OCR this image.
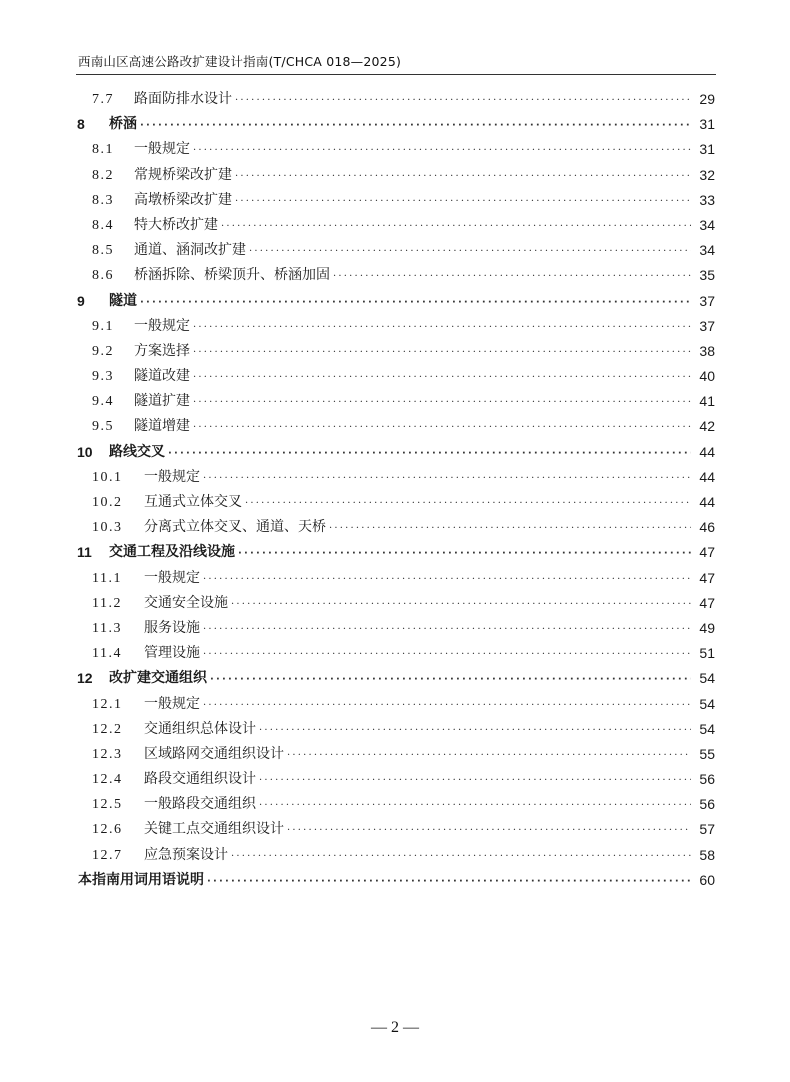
西南山区高速公路改扩建设计指南(T/CHCA 018—2025)
7.7	路面防排水设计 ·····	29
8	桥涵 ·····	31
8.1	一般规定 ·····	31
8.2	常规桥梁改扩建 ·····	32
8.3	高墩桥梁改扩建 ·····	33
8.4	特大桥改扩建 ·····	34
8.5	通道、涵洞改扩建 ·····	34
8.6	桥涵拆除、桥梁顶升、桥涵加固 ·····	35
9	隧道 ·····	37
9.1	一般规定 ·····	37
9.2	方案选择 ·····	38
9.3	隧道改建 ·····	40
9.4	隧道扩建 ·····	41
9.5	隧道增建 ·····	42
10	路线交叉 ·····	44
10.1	一般规定 ·····	44
10.2	互通式立体交叉 ·····	44
10.3	分离式立体交叉、通道、天桥 ·····	46
11	交通工程及沿线设施 ·····	47
11.1	一般规定 ·····	47
11.2	交通安全设施 ·····	47
11.3	服务设施 ·····	49
11.4	管理设施 ·····	51
12	改扩建交通组织 ·····	54
12.1	一般规定 ·····	54
12.2	交通组织总体设计 ·····	54
12.3	区域路网交通组织设计 ·····	55
12.4	路段交通组织设计 ·····	56
12.5	一般路段交通组织 ·····	56
12.6	关键工点交通组织设计 ·····	57
12.7	应急预案设计 ·····	58
本指南用词用语说明 ·····	60
— 2 —
